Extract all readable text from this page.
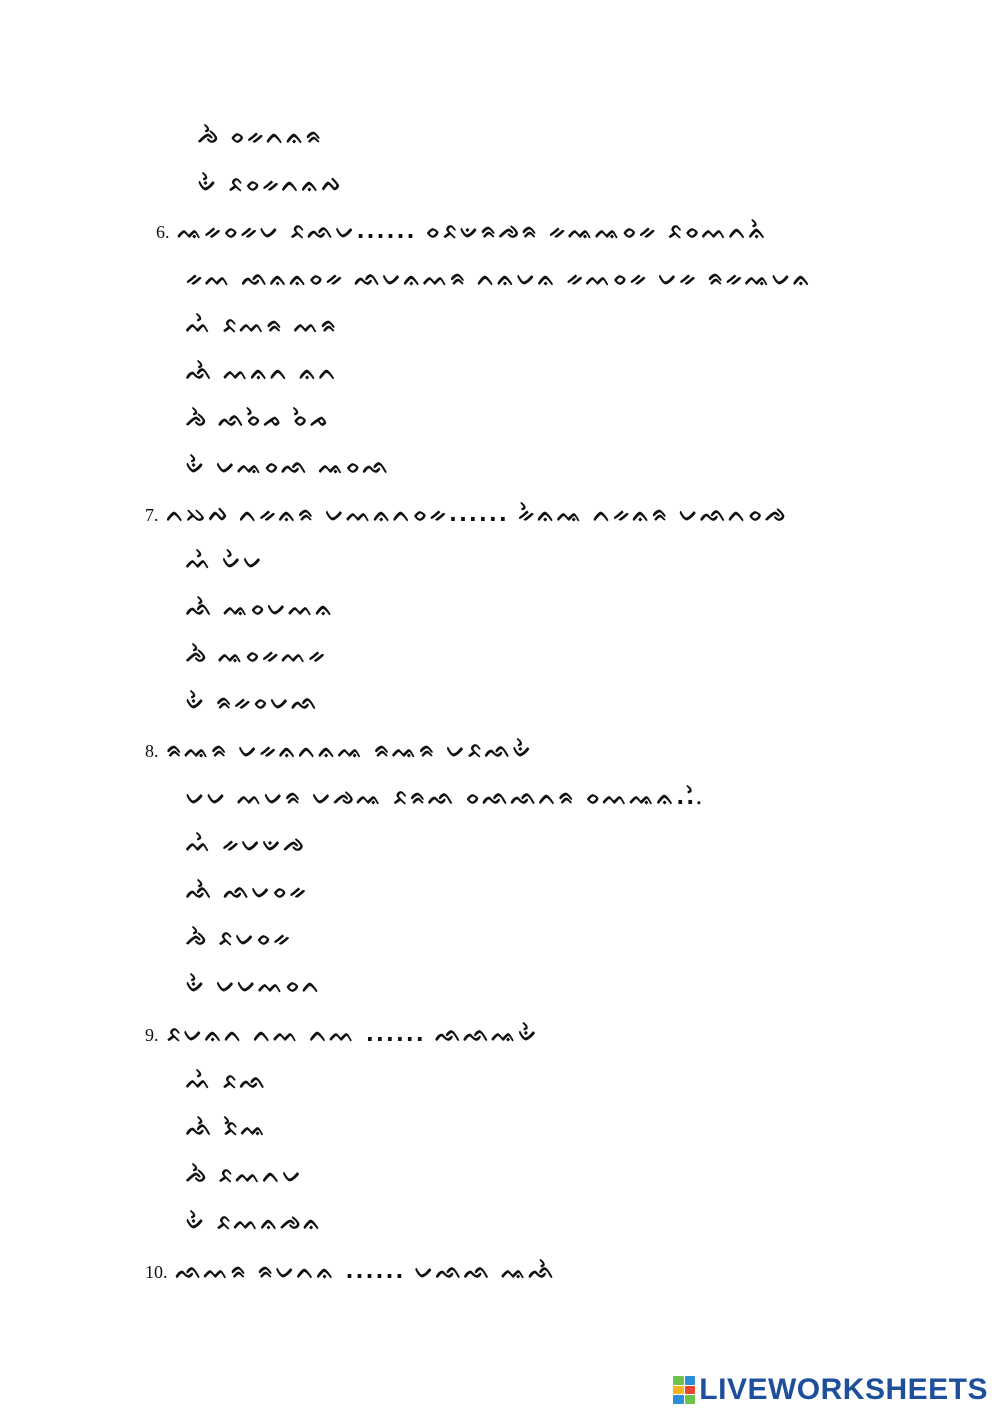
ᨌᨛ ᨔᨀᨈᨊᨑ
ᨉᨛ ᨅᨔᨀᨈᨊᨄ
6. ᨕᨀᨔᨀᨆ ᨅᨒᨆ...... ᨔᨅᨉᨑᨌᨑ ᨀᨕᨕᨔᨀ ᨅᨔᨓᨈᨊᨛ
ᨀᨓ ᨒᨊᨊᨔᨀ ᨒᨆᨊᨓᨑ ᨈᨊᨆᨊ ᨀᨓᨔᨀ ᨆᨀ ᨑᨀᨕᨆᨊ
ᨓᨛ ᨅᨓᨑ ᨓᨑ
ᨒᨛ ᨓᨊᨈ ᨊᨈ
ᨌᨛ ᨒᨔᨛᨍ ᨔᨛᨍ
ᨉᨛ ᨆᨕᨔᨒ ᨕᨔᨒ
7. ᨈᨇᨄ ᨈᨀᨊᨑ ᨆᨓᨊᨈᨔᨀ...... ᨀᨛᨊᨕ ᨈᨀᨊᨑ ᨆᨒᨈᨔᨌ
ᨓᨛ ᨆᨛᨆ
ᨒᨛ ᨕᨔᨆᨓᨊ
ᨌᨛ ᨕᨔᨀᨓᨀ
ᨉᨛ ᨑᨀᨔᨆᨒ
8. ᨑᨕᨑ ᨆᨀᨊᨈᨊᨕ ᨑᨕᨑ ᨆᨅᨒᨉᨛ
ᨆᨆ ᨓᨆᨑ ᨆᨌᨕ ᨅᨑᨒ ᨔᨒᨒᨈᨑ ᨔᨓᨕᨊ...ᨛ
ᨓᨛ ᨀᨆᨉᨌ
ᨒᨛ ᨒᨆᨔᨀ
ᨌᨛ ᨅᨆᨔᨀ
ᨉᨛ ᨆᨆᨓᨔᨈ
9. ᨅᨆᨊᨈ ᨈᨓ ᨈᨓ ...... ᨒᨒᨕᨉᨛ
ᨓᨛ ᨅᨒ
ᨒᨛ ᨅᨛᨕ
ᨌᨛ ᨅᨓᨈᨆ
ᨉᨛ ᨅᨓᨊᨌᨊ
10. ᨒᨓᨑ ᨑᨆᨈᨊ ...... ᨆᨒᨒ ᨕᨒᨛ
LIVEWORKSHEETS
